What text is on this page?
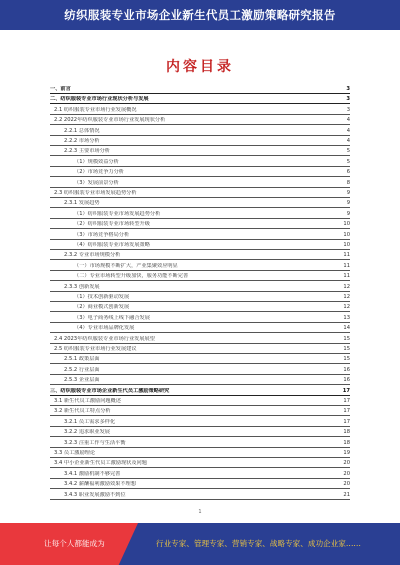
纺织服装专业市场企业新生代员工激励策略研究报告
内容目录
一、前言	3
二、纺织服装专业市场行业现状分析与发展	3
2.1 纺织服装专业市场行业发展概况	3
2.2 2022年纺织服装专业市场行业发展现状分析	4
2.2.1 总体情况	4
2.2.2 市场分析	4
2.2.3 主要市场分析	5
（1）规模效益分析	5
（2）市场竞争力分析	6
（3）发展前景分析	8
2.3 纺织服装专业市场发展趋势分析	9
2.3.1 发展趋势	9
（1）纺织服装专业市场发展趋势分析	9
（2）纺织服装专业市场转型升级	10
（3）市场竞争格局分析	10
（4）纺织服装专业市场发展策略	10
2.3.2 专业市场规模分析	11
（一）市场规模不断扩大，产业集聚效应明显	11
（二）专业市场转型升级加快，服务功能不断完善	11
2.3.3 创新发展	12
（1）技术创新驱动发展	12
（2）商业模式创新发展	12
（3）电子商务线上线下融合发展	13
（4）专业市场品牌化发展	14
2.4 2023年纺织服装专业市场行业发展展望	15
2.5 纺织服装专业市场行业发展建议	15
2.5.1 政策层面	15
2.5.2 行业层面	16
2.5.3 企业层面	16
三、纺织服装专业市场企业新生代员工激励策略研究	17
3.1 新生代员工激励问题概述	17
3.2 新生代员工特点分析	17
3.2.1 员工需求多样化	17
3.2.2 追求职业发展	18
3.2.3 注重工作与生活平衡	18
3.3 员工激励理论	19
3.4 中小企业新生代员工激励现状及问题	20
3.4.1 激励机制不够完善	20
3.4.2 薪酬福利激励效果不理想	20
3.4.3 职业发展激励不到位	21
1
让每个人都能成为	行业专家、管理专家、营销专家、战略专家、成功企业家……
